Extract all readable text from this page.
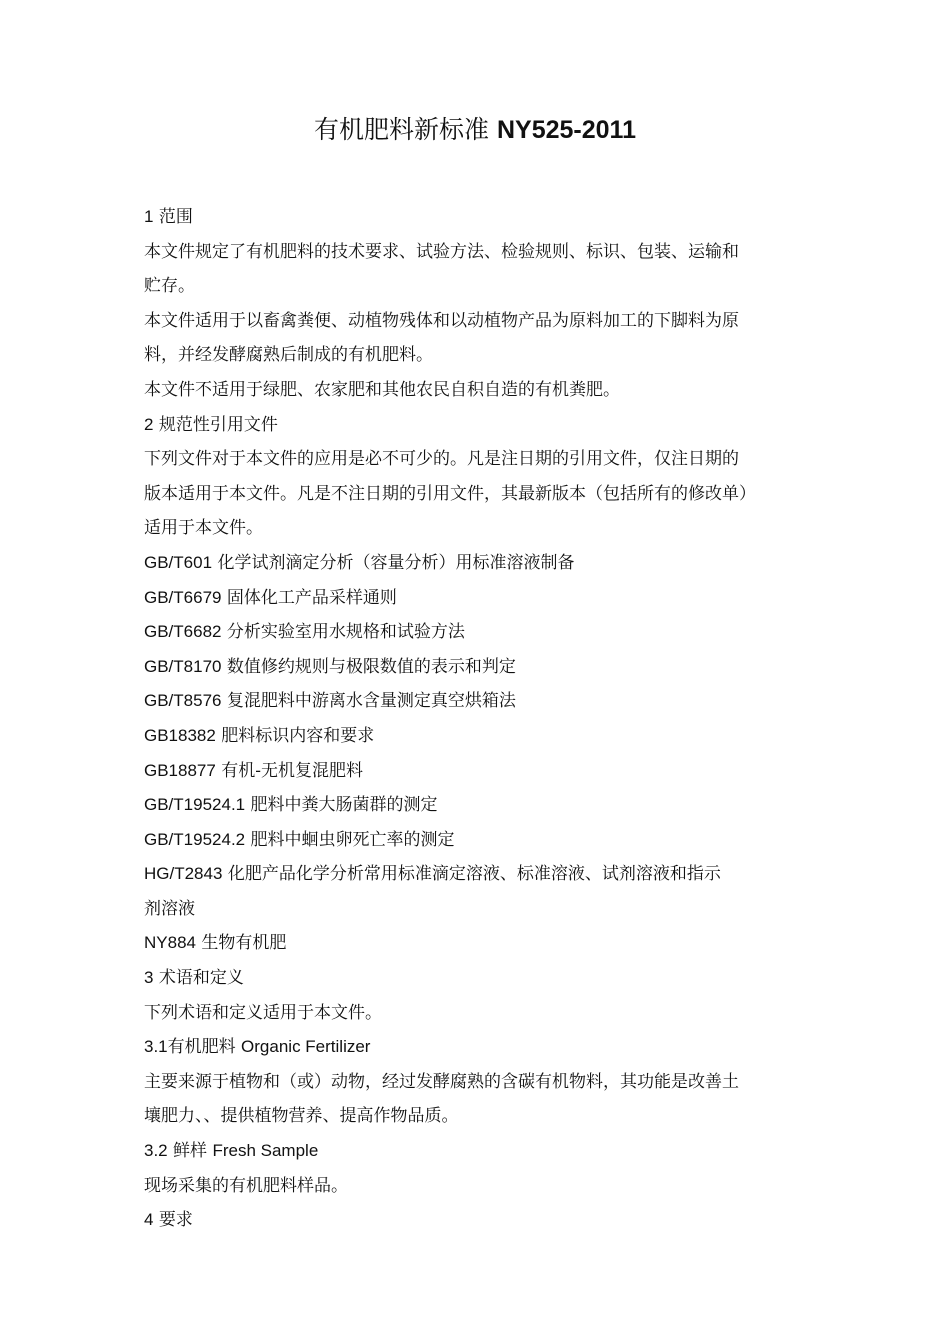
有机肥料新标准 NY525-2011

1 范围

本文件规定了有机肥料的技术要求、试验方法、检验规则、标识、包装、运输和

贮存。

本文件适用于以畜禽粪便、动植物残体和以动植物产品为原料加工的下脚料为原

料，并经发酵腐熟后制成的有机肥料。

本文件不适用于绿肥、农家肥和其他农民自积自造的有机粪肥。

2 规范性引用文件

下列文件对于本文件的应用是必不可少的。凡是注日期的引用文件，仅注日期的

版本适用于本文件。凡是不注日期的引用文件，其最新版本（包括所有的修改单）

适用于本文件。

GB/T601 化学试剂滴定分析（容量分析）用标准溶液制备

GB/T6679 固体化工产品采样通则

GB/T6682 分析实验室用水规格和试验方法

GB/T8170 数值修约规则与极限数值的表示和判定

GB/T8576 复混肥料中游离水含量测定真空烘箱法

GB18382 肥料标识内容和要求

GB18877 有机-无机复混肥料

GB/T19524.1 肥料中粪大肠菌群的测定

GB/T19524.2 肥料中蛔虫卵死亡率的测定

HG/T2843 化肥产品化学分析常用标准滴定溶液、标准溶液、试剂溶液和指示

剂溶液

NY884 生物有机肥

3 术语和定义

下列术语和定义适用于本文件。

3.1有机肥料 Organic Fertilizer

主要来源于植物和（或）动物，经过发酵腐熟的含碳有机物料，其功能是改善土

壤肥力、、提供植物营养、提高作物品质。

3.2 鲜样 Fresh Sample

现场采集的有机肥料样品。

4 要求
